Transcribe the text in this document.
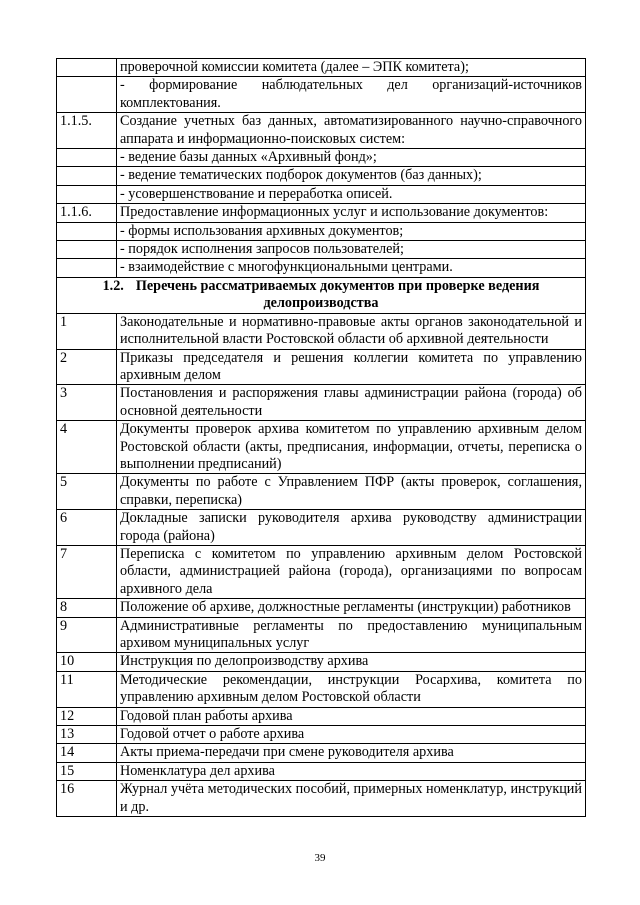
	проверочной комиссии комитета (далее – ЭПК комитета);
	- формирование наблюдательных дел организаций-источников комплектования.
1.1.5.	Создание учетных баз данных, автоматизированного научно-справочного аппарата и информационно-поисковых систем:
	- ведение базы данных «Архивный фонд»;
	- ведение тематических подборок документов (баз данных);
	- усовершенствование и переработка описей.
1.1.6.	Предоставление информационных услуг и использование документов:
	- формы использования архивных документов;
	- порядок исполнения запросов пользователей;
	- взаимодействие с многофункциональными центрами.
1.2. Перечень рассматриваемых документов при проверке ведения делопроизводства	
1	Законодательные и нормативно-правовые акты органов законодательной и исполнительной власти Ростовской области об архивной деятельности
2	Приказы председателя и решения коллегии комитета по управлению архивным делом
3	Постановления и распоряжения главы администрации района (города) об основной деятельности
4	Документы проверок архива комитетом по управлению архивным делом Ростовской области (акты, предписания, информации, отчеты, переписка о выполнении предписаний)
5	Документы по работе с Управлением ПФР (акты проверок, соглашения, справки, переписка)
6	Докладные записки руководителя архива руководству администрации города (района)
7	Переписка с комитетом по управлению архивным делом Ростовской области, администрацией района (города), организациями по вопросам архивного дела
8	Положение об архиве, должностные регламенты (инструкции) работников
9	Административные регламенты по предоставлению муниципальным архивом муниципальных услуг
10	Инструкция по делопроизводству архива
11	Методические рекомендации, инструкции Росархива, комитета по управлению архивным делом Ростовской области
12	Годовой план работы архива
13	Годовой отчет о работе архива
14	Акты приема-передачи при смене руководителя архива
15	Номенклатура дел архива
16	Журнал учёта методических пособий, примерных номенклатур, инструкций и др.
39
